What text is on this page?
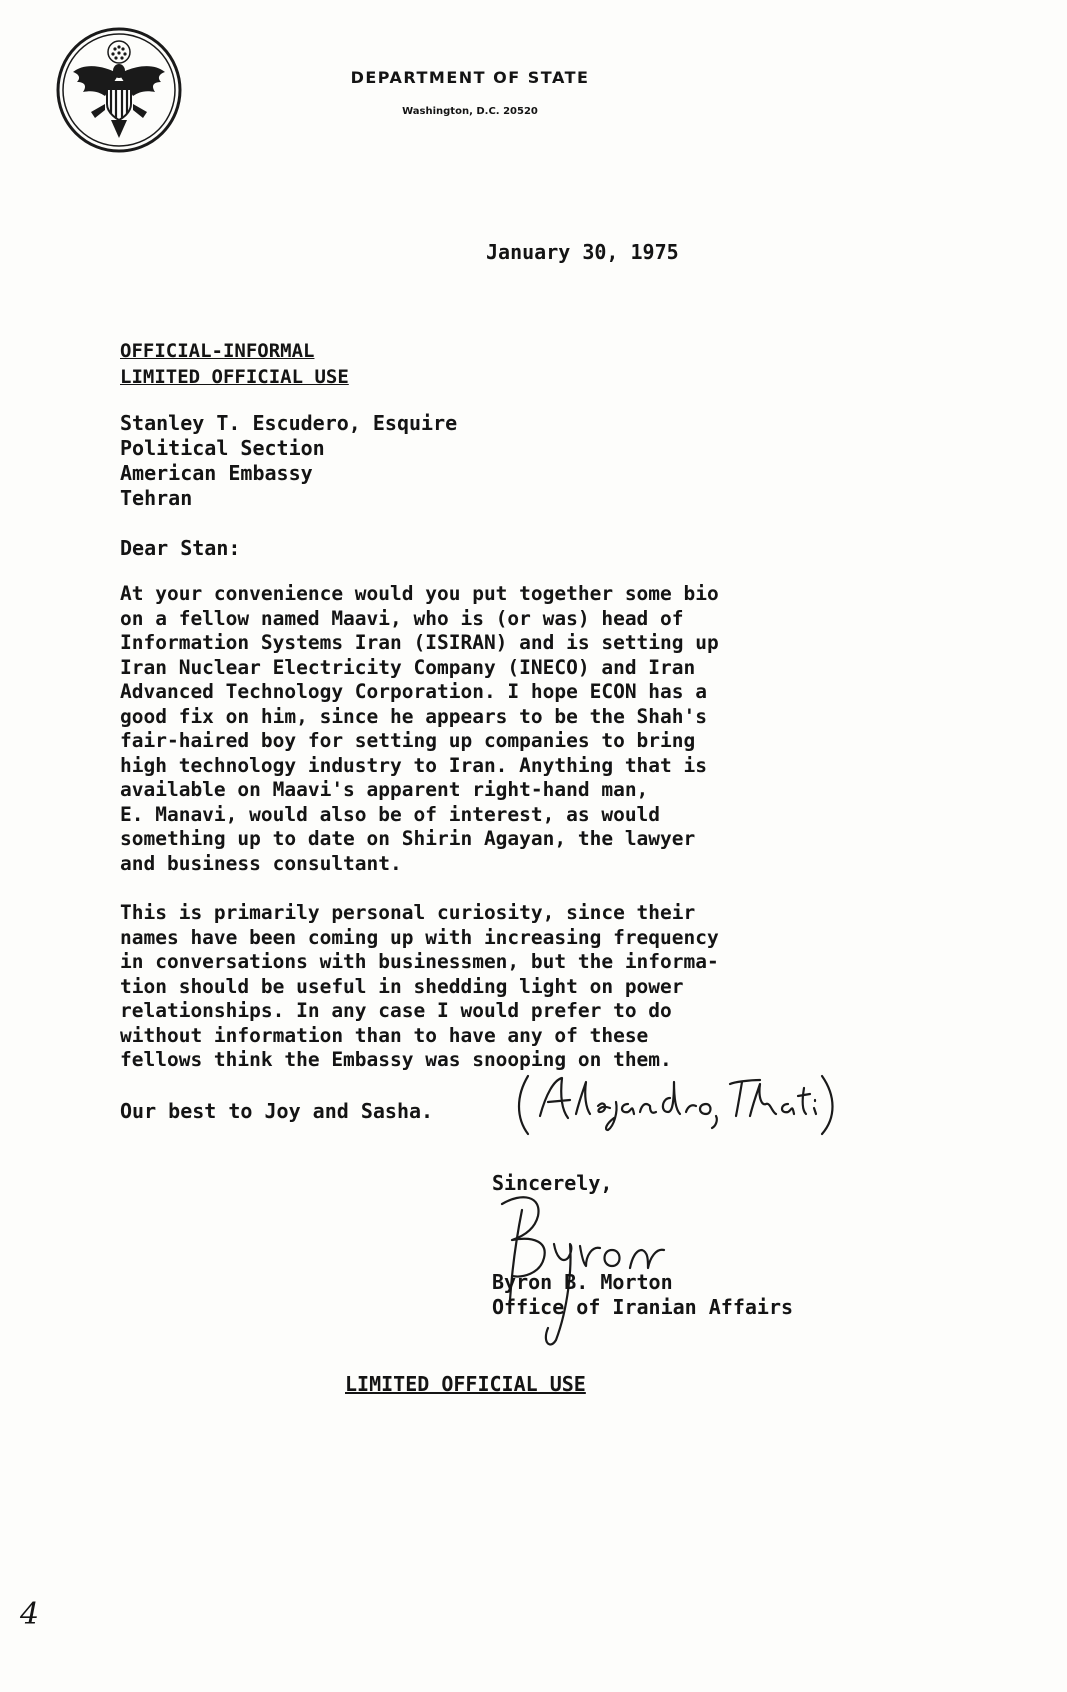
DEPARTMENT OF STATE
Washington, D.C. 20520
January 30, 1975
OFFICIAL-INFORMAL
LIMITED OFFICIAL USE
Stanley T. Escudero, Esquire
Political Section
American Embassy
Tehran
Dear Stan:
At your convenience would you put together some bio
on a fellow named Maavi, who is (or was) head of
Information Systems Iran (ISIRAN) and is setting up
Iran Nuclear Electricity Company (INECO) and Iran
Advanced Technology Corporation. I hope ECON has a
good fix on him, since he appears to be the Shah's
fair-haired boy for setting up companies to bring
high technology industry to Iran. Anything that is
available on Maavi's apparent right-hand man,
E. Manavi, would also be of interest, as would
something up to date on Shirin Agayan, the lawyer
and business consultant.
This is primarily personal curiosity, since their
names have been coming up with increasing frequency
in conversations with businessmen, but the informa-
tion should be useful in shedding light on power
relationships. In any case I would prefer to do
without information than to have any of these
fellows think the Embassy was snooping on them.
Our best to Joy and Sasha.
Sincerely,
Byron B. Morton
Office of Iranian Affairs
LIMITED OFFICIAL USE
4
